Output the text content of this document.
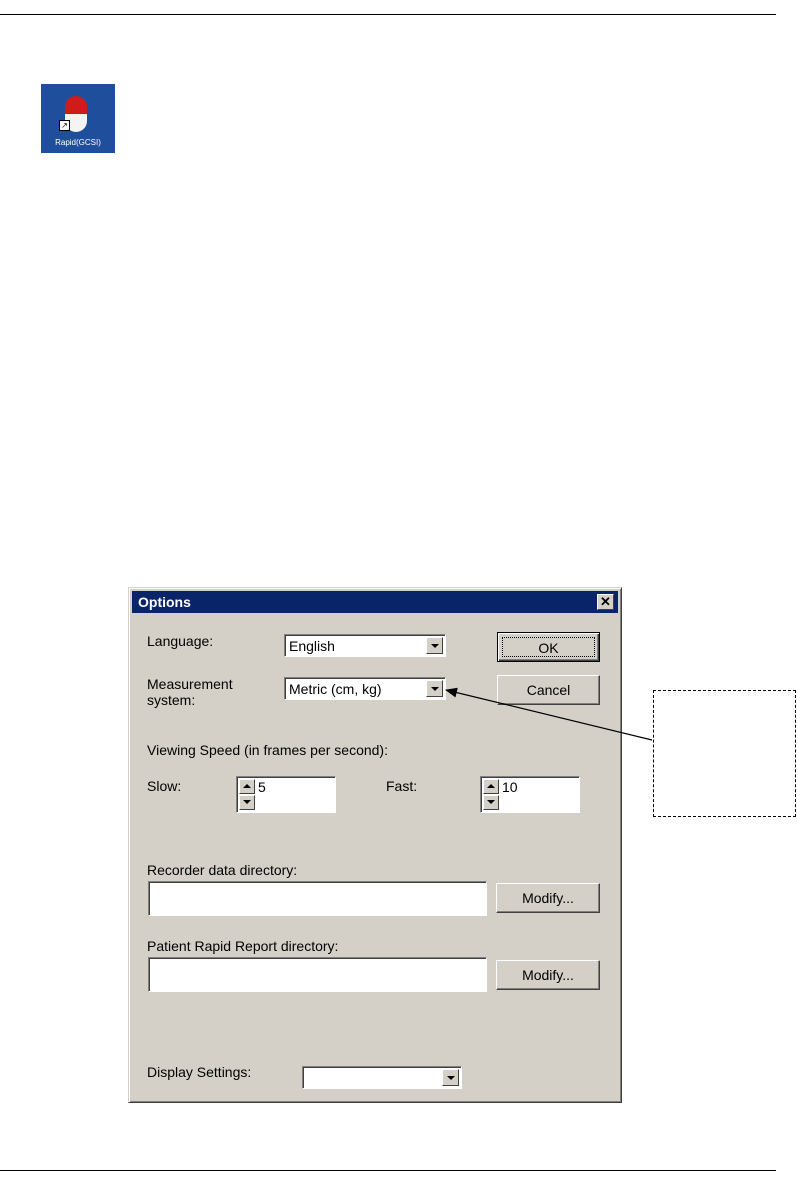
↗
Rapid(GCSI)
Options	✕
Language:	English
Measurement
system:
Metric (cm, kg)
OK
Cancel
Viewing Speed (in frames per second):
Slow:	5	Fast:	10
Recorder data directory:
Modify...
Patient Rapid Report directory:
Modify...
Display Settings:
